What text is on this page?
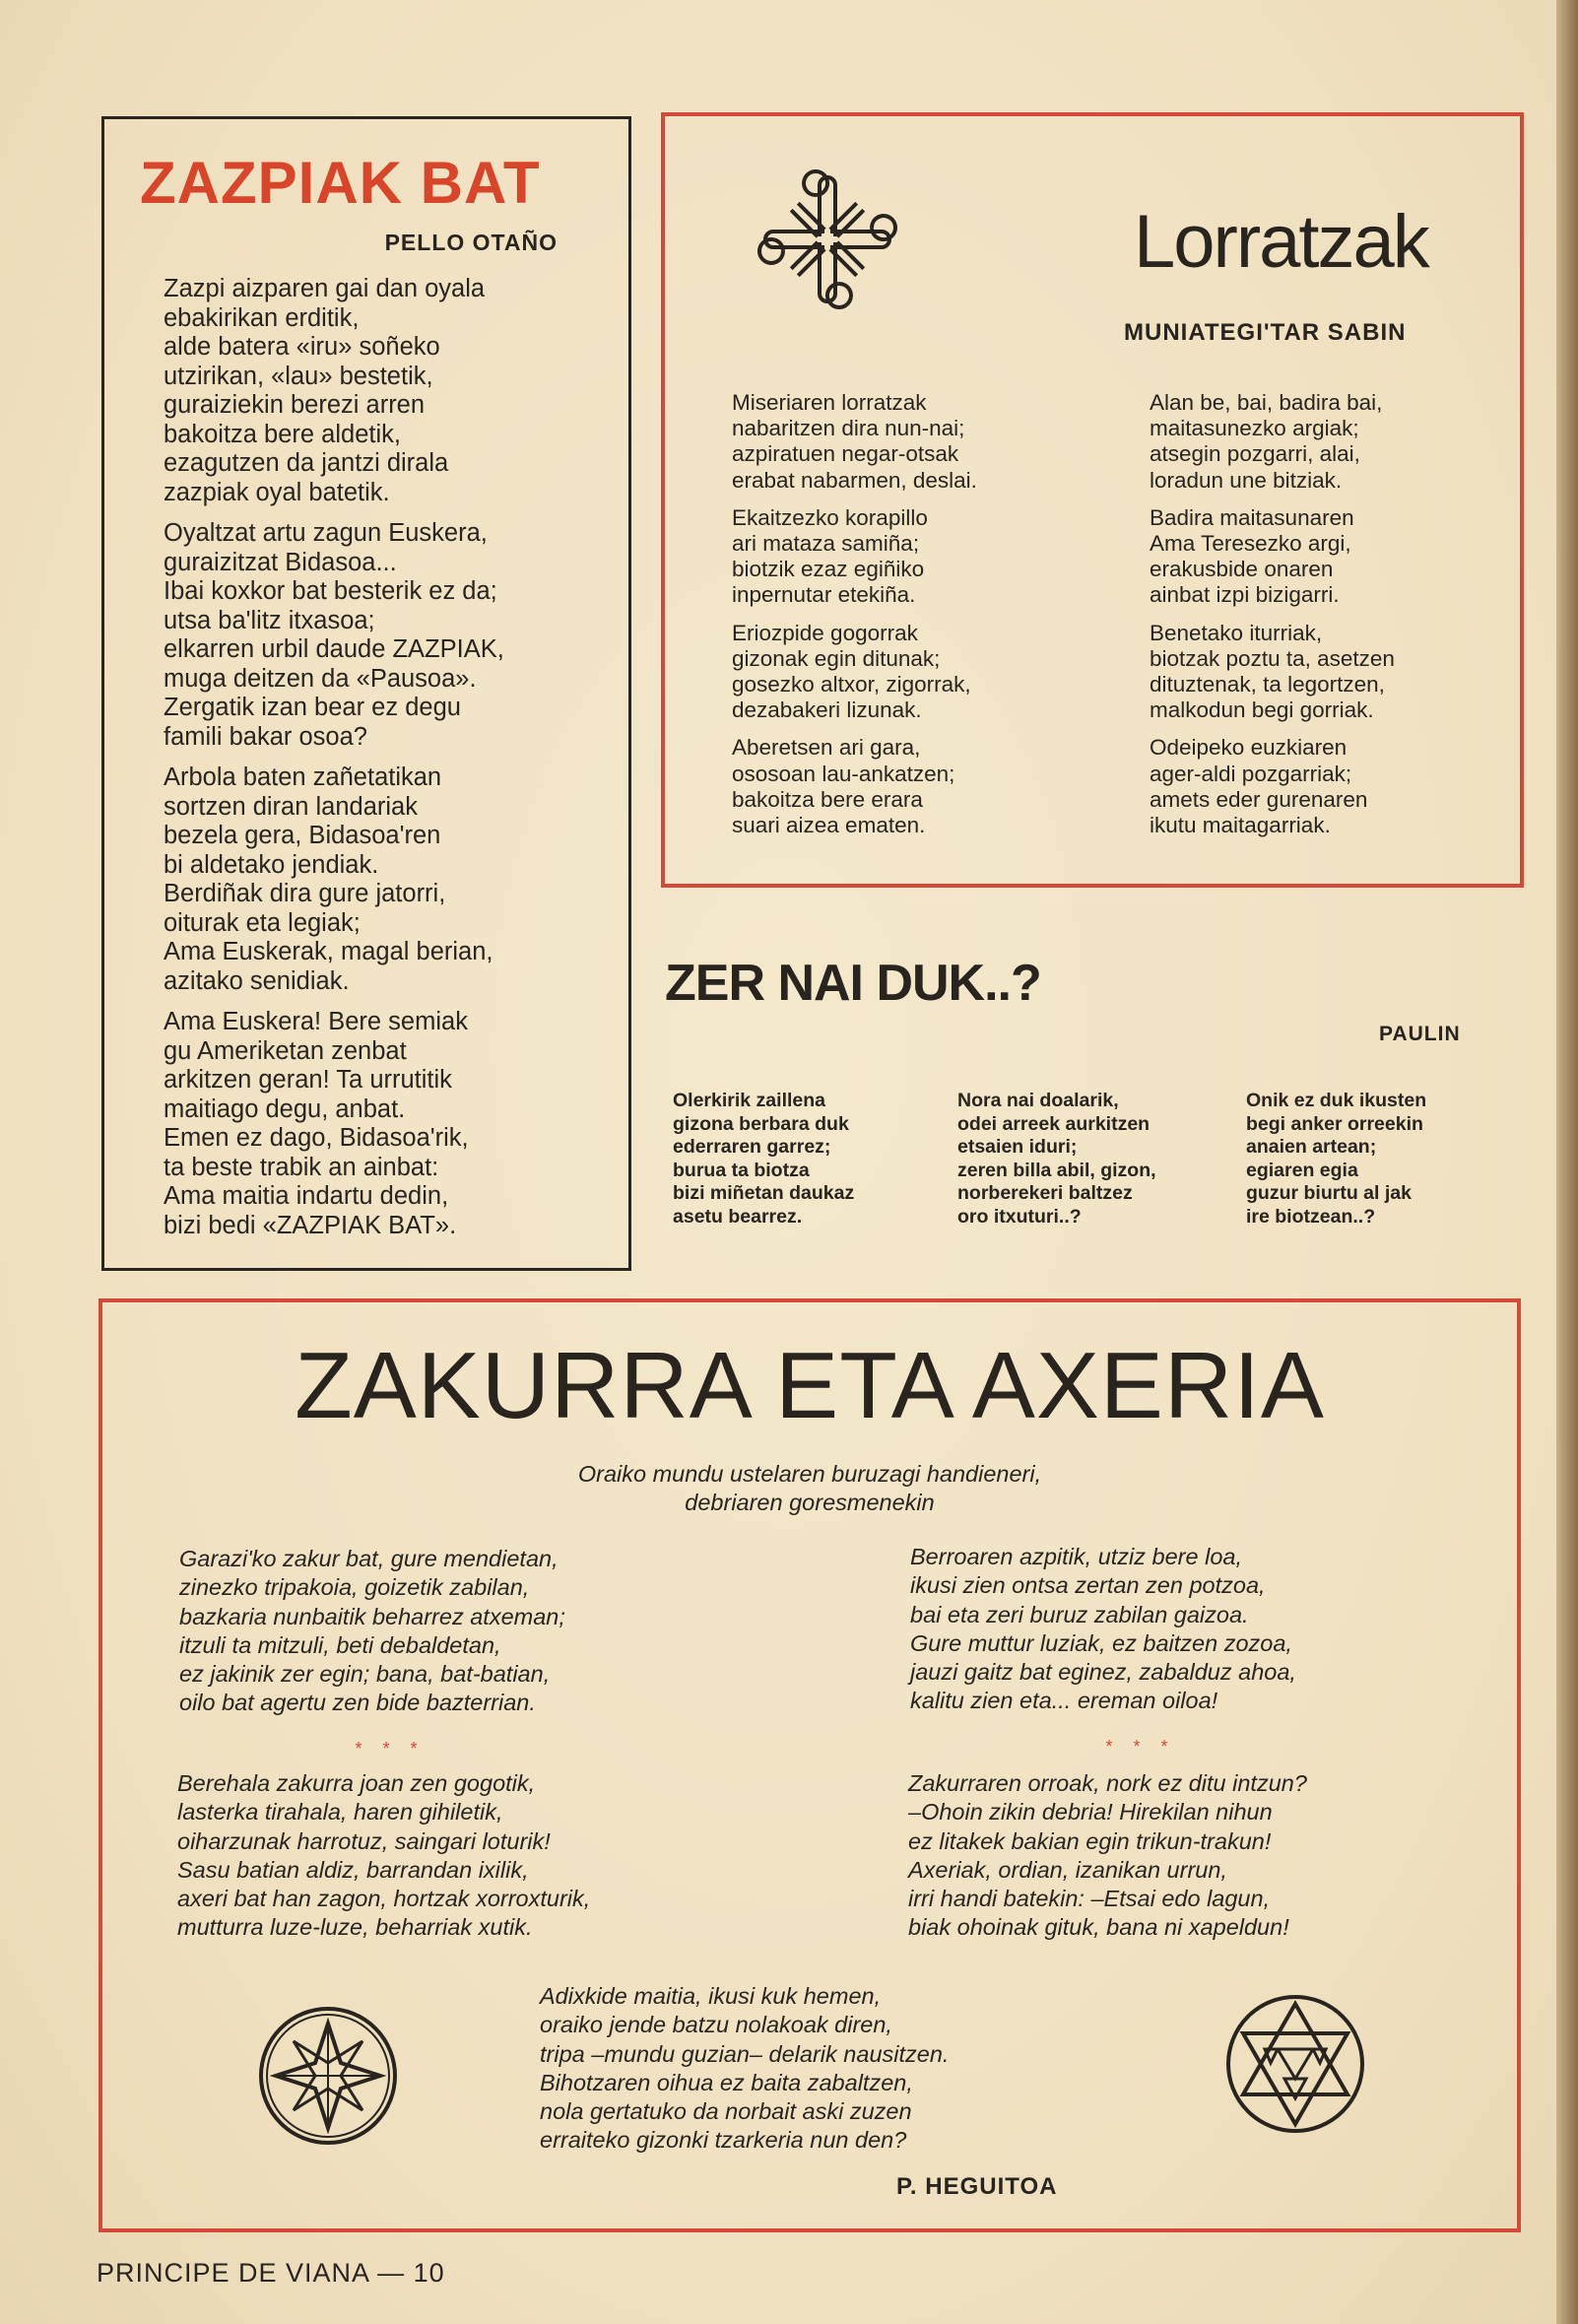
ZAZPIAK BAT
PELLO OTAÑO
Zazpi aizparen gai dan oyala
ebakirikan erditik,
alde batera «iru» soñeko
utzirikan, «lau» bestetik,
guraiziekin berezi arren
bakoitza bere aldetik,
ezagutzen da jantzi dirala
zazpiak oyal batetik.
Oyaltzat artu zagun Euskera,
guraizitzat Bidasoa...
Ibai koxkor bat besterik ez da;
utsa ba'litz itxasoa;
elkarren urbil daude ZAZPIAK,
muga deitzen da «Pausoa».
Zergatik izan bear ez degu
famili bakar osoa?
Arbola baten zañetatikan
sortzen diran landariak
bezela gera, Bidasoa'ren
bi aldetako jendiak.
Berdiñak dira gure jatorri,
oiturak eta legiak;
Ama Euskerak, magal berian,
azitako senidiak.
Ama Euskera! Bere semiak
gu Ameriketan zenbat
arkitzen geran! Ta urrutitik
maitiago degu, anbat.
Emen ez dago, Bidasoa'rik,
ta beste trabik an ainbat:
Ama maitia indartu dedin,
bizi bedi «ZAZPIAK BAT».
Lorratzak
MUNIATEGI'TAR SABIN
Miseriaren lorratzak
nabaritzen dira nun-nai;
azpiratuen negar-otsak
erabat nabarmen, deslai.
Ekaitzezko korapillo
ari mataza samiña;
biotzik ezaz egiñiko
inpernutar etekiña.
Eriozpide gogorrak
gizonak egin ditunak;
gosezko altxor, zigorrak,
dezabakeri lizunak.
Aberetsen ari gara,
ososoan lau-ankatzen;
bakoitza bere erara
suari aizea ematen.
Alan be, bai, badira bai,
maitasunezko argiak;
atsegin pozgarri, alai,
loradun une bitziak.
Badira maitasunaren
Ama Teresezko argi,
erakusbide onaren
ainbat izpi bizigarri.
Benetako iturriak,
biotzak poztu ta, asetzen
dituztenak, ta legortzen,
malkodun begi gorriak.
Odeipeko euzkiaren
ager-aldi pozgarriak;
amets eder gurenaren
ikutu maitagarriak.
ZER NAI DUK..?
PAULIN
Olerkirik zaillena
gizona berbara duk
ederraren garrez;
burua ta biotza
bizi miñetan daukaz
asetu bearrez.
Nora nai doalarik,
odei arreek aurkitzen
etsaien iduri;
zeren billa abil, gizon,
norberekeri baltzez
oro itxuturi..?
Onik ez duk ikusten
begi anker orreekin
anaien artean;
egiaren egia
guzur biurtu al jak
ire biotzean..?
ZAKURRA ETA AXERIA
Oraiko mundu ustelaren buruzagi handieneri,
debriaren goresmenekin
Garazi'ko zakur bat, gure mendietan,
zinezko tripakoia, goizetik zabilan,
bazkaria nunbaitik beharrez atxeman;
itzuli ta mitzuli, beti debaldetan,
ez jakinik zer egin; bana, bat-batian,
oilo bat agertu zen bide bazterrian.
* * *
Berehala zakurra joan zen gogotik,
lasterka tirahala, haren gihiletik,
oiharzunak harrotuz, saingari loturik!
Sasu batian aldiz, barrandan ixilik,
axeri bat han zagon, hortzak xorroxturik,
mutturra luze-luze, beharriak xutik.
Berroaren azpitik, utziz bere loa,
ikusi zien ontsa zertan zen potzoa,
bai eta zeri buruz zabilan gaizoa.
Gure muttur luziak, ez baitzen zozoa,
jauzi gaitz bat eginez, zabalduz ahoa,
kalitu zien eta... ereman oiloa!
* * *
Zakurraren orroak, nork ez ditu intzun?
–Ohoin zikin debria! Hirekilan nihun
ez litakek bakian egin trikun-trakun!
Axeriak, ordian, izanikan urrun,
irri handi batekin: –Etsai edo lagun,
biak ohoinak gituk, bana ni xapeldun!
Adixkide maitia, ikusi kuk hemen,
oraiko jende batzu nolakoak diren,
tripa –mundu guzian– delarik nausitzen.
Bihotzaren oihua ez baita zabaltzen,
nola gertatuko da norbait aski zuzen
erraiteko gizonki tzarkeria nun den?
P. HEGUITOA
PRINCIPE DE VIANA — 10
